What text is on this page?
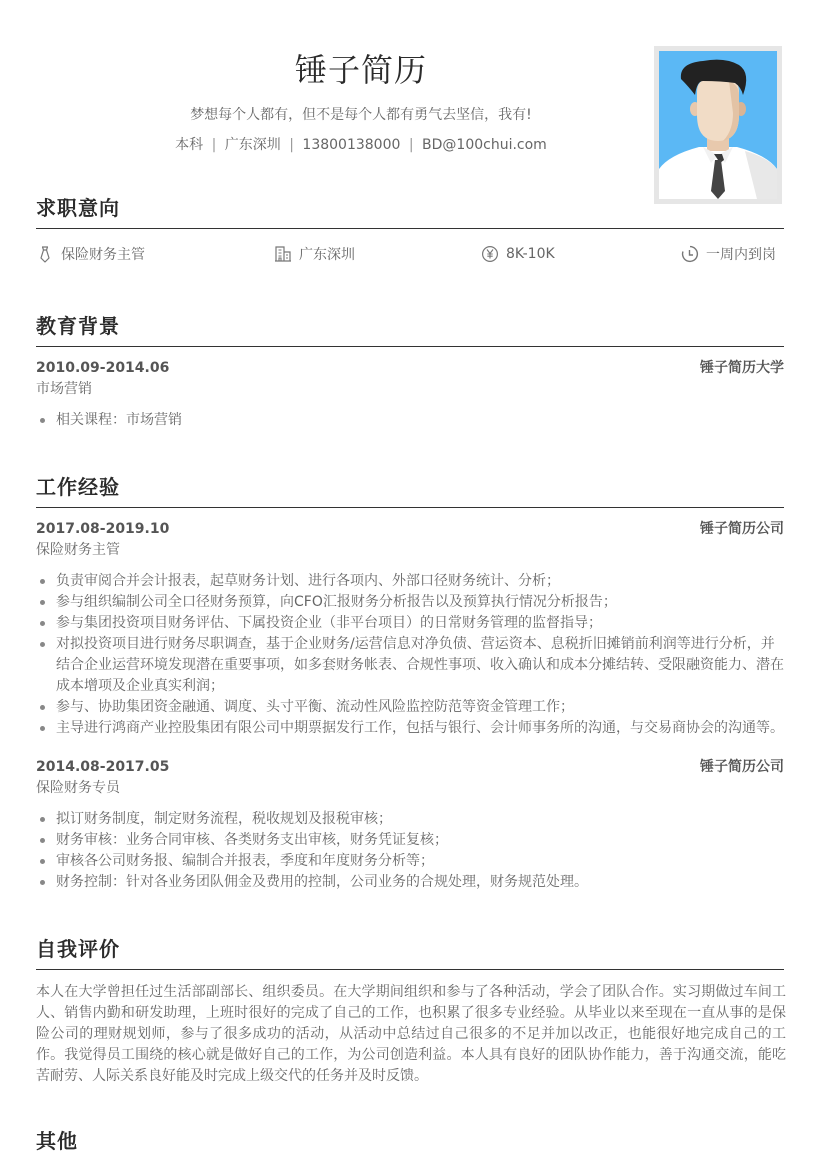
锤子简历
梦想每个人都有，但不是每个人都有勇气去坚信，我有!
本科 | 广东深圳 | 13800138000 | BD@100chui.com
求职意向
保险财务主管	广东深圳	8K-10K	一周内到岗
教育背景
2010.09-2014.06	锤子简历大学
市场营销
相关课程：市场营销
工作经验
2017.08-2019.10	锤子简历公司
保险财务主管
负责审阅合并会计报表，起草财务计划、进行各项内、外部口径财务统计、分析；
参与组织编制公司全口径财务预算，向CFO汇报财务分析报告以及预算执行情况分析报告；
参与集团投资项目财务评估、下属投资企业（非平台项目）的日常财务管理的监督指导；
对拟投资项目进行财务尽职调查，基于企业财务/运营信息对净负债、营运资本、息税折旧摊销前利润等进行分析，并结合企业运营环境发现潜在重要事项，如多套财务帐表、合规性事项、收入确认和成本分摊结转、受限融资能力、潜在成本增项及企业真实利润；
参与、协助集团资金融通、调度、头寸平衡、流动性风险监控防范等资金管理工作；
主导进行鸿商产业控股集团有限公司中期票据发行工作，包括与银行、会计师事务所的沟通，与交易商协会的沟通等。
2014.08-2017.05	锤子简历公司
保险财务专员
拟订财务制度，制定财务流程，税收规划及报税审核；
财务审核：业务合同审核、各类财务支出审核，财务凭证复核；
审核各公司财务报、编制合并报表，季度和年度财务分析等；
财务控制：针对各业务团队佣金及费用的控制，公司业务的合规处理，财务规范处理。
自我评价
本人在大学曾担任过生活部副部长、组织委员。在大学期间组织和参与了各种活动，学会了团队合作。实习期做过车间工人、销售内勤和研发助理，上班时很好的完成了自己的工作，也积累了很多专业经验。从毕业以来至现在一直从事的是保险公司的理财规划师，参与了很多成功的活动，从活动中总结过自己很多的不足并加以改正，也能很好地完成自己的工作。我觉得员工围绕的核心就是做好自己的工作，为公司创造利益。本人具有良好的团队协作能力，善于沟通交流，能吃苦耐劳、人际关系良好能及时完成上级交代的任务并及时反馈。
其他
